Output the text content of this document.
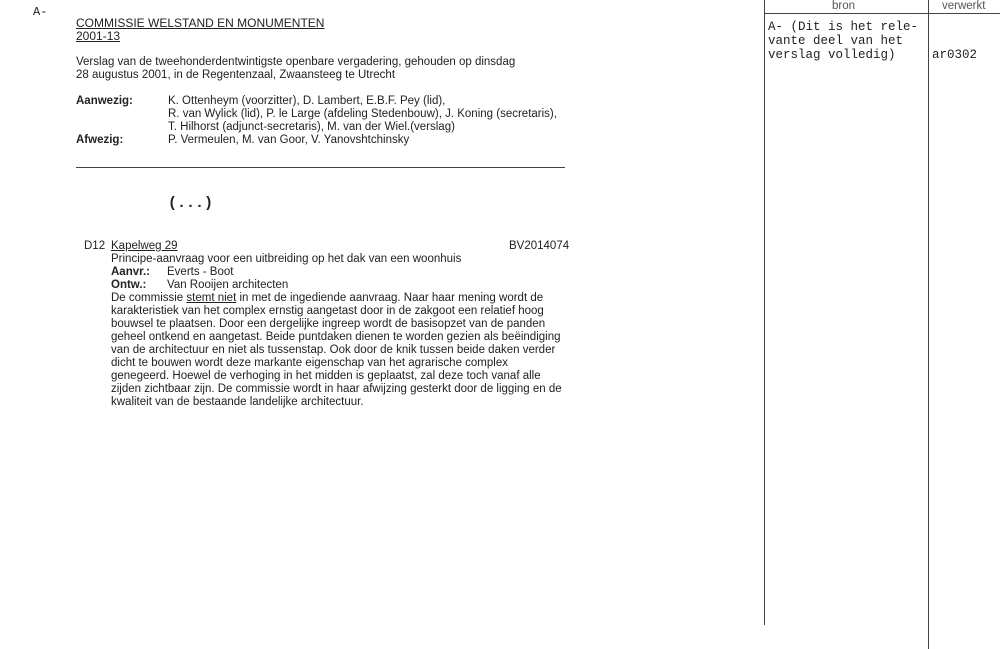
A-
COMMISSIE WELSTAND EN MONUMENTEN
2001-13
Verslag van de tweehonderdentwintigste openbare vergadering, gehouden op dinsdag
28 augustus 2001, in de Regentenzaal, Zwaansteeg te Utrecht
Aanwezig:	K. Ottenheym (voorzitter), D. Lambert, E.B.F. Pey (lid),
R. van Wylick (lid), P. le Large (afdeling Stedenbouw), J. Koning (secretaris),
T. Hilhorst (adjunct-secretaris), M. van der Wiel.(verslag)
Afwezig:	P. Vermeulen, M. van Goor, V. Yanovshtchinsky
(...)
D12 Kapelweg 29	BV2014074
Principe-aanvraag voor een uitbreiding op het dak van een woonhuis
Aanvr.: Everts - Boot
Ontw.: Van Rooijen architecten
De commissie stemt niet in met de ingediende aanvraag. Naar haar mening wordt de
karakteristiek van het complex ernstig aangetast door in de zakgoot een relatief hoog
bouwsel te plaatsen. Door een dergelijke ingreep wordt de basisopzet van de panden
geheel ontkend en aangetast. Beide puntdaken dienen te worden gezien als beëindiging
van de architectuur en niet als tussenstap. Ook door de knik tussen beide daken verder
dicht te bouwen wordt deze markante eigenschap van het agrarische complex
genegeerd. Hoewel de verhoging in het midden is geplaatst, zal deze toch vanaf alle
zijden zichtbaar zijn. De commissie wordt in haar afwijzing gesterkt door de ligging en de
kwaliteit van de bestaande landelijke architectuur.
bron	verwerkt
A- (Dit is het rele-
vante deel van het
verslag volledig)	ar0302
